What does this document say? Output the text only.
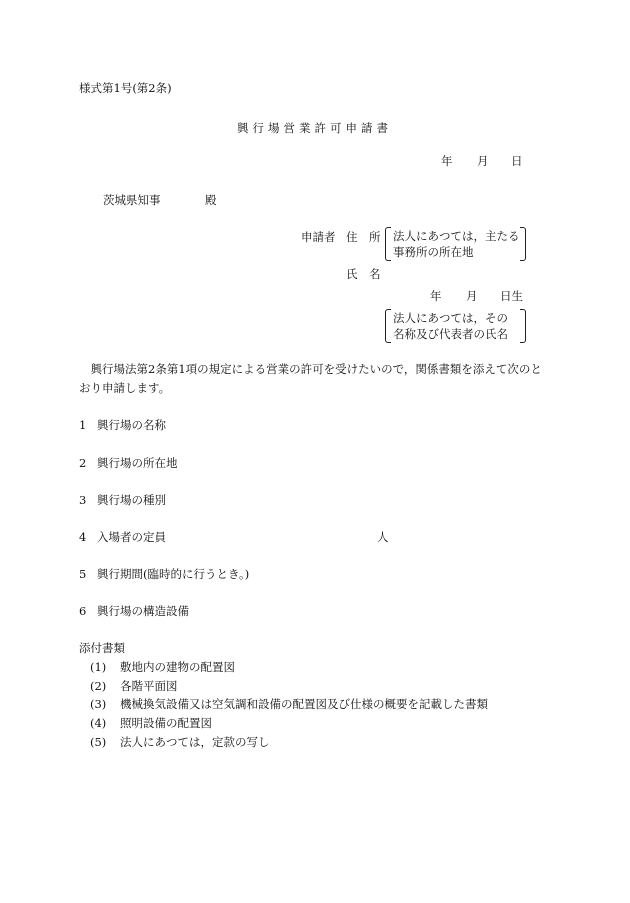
様式第1号(第2条)
興行場営業許可申請書
年 月 日
茨城県知事	殿
申請者 住　所 法人にあつては，主たる
事務所の所在地
氏　名
年 月 日生
法人にあつては，その
名称及び代表者の氏名
　興行場法第2条第1項の規定による営業の許可を受けたいので，関係書類を添えて次のとおり申請します。
1 興行場の名称
2 興行場の所在地
3 興行場の種別
4 入場者の定員	人
5 興行期間(臨時的に行うとき。)
6 興行場の構造設備
添付書類
(1) 敷地内の建物の配置図
(2) 各階平面図
(3) 機械換気設備又は空気調和設備の配置図及び仕様の概要を記載した書類
(4) 照明設備の配置図
(5) 法人にあつては，定款の写し
